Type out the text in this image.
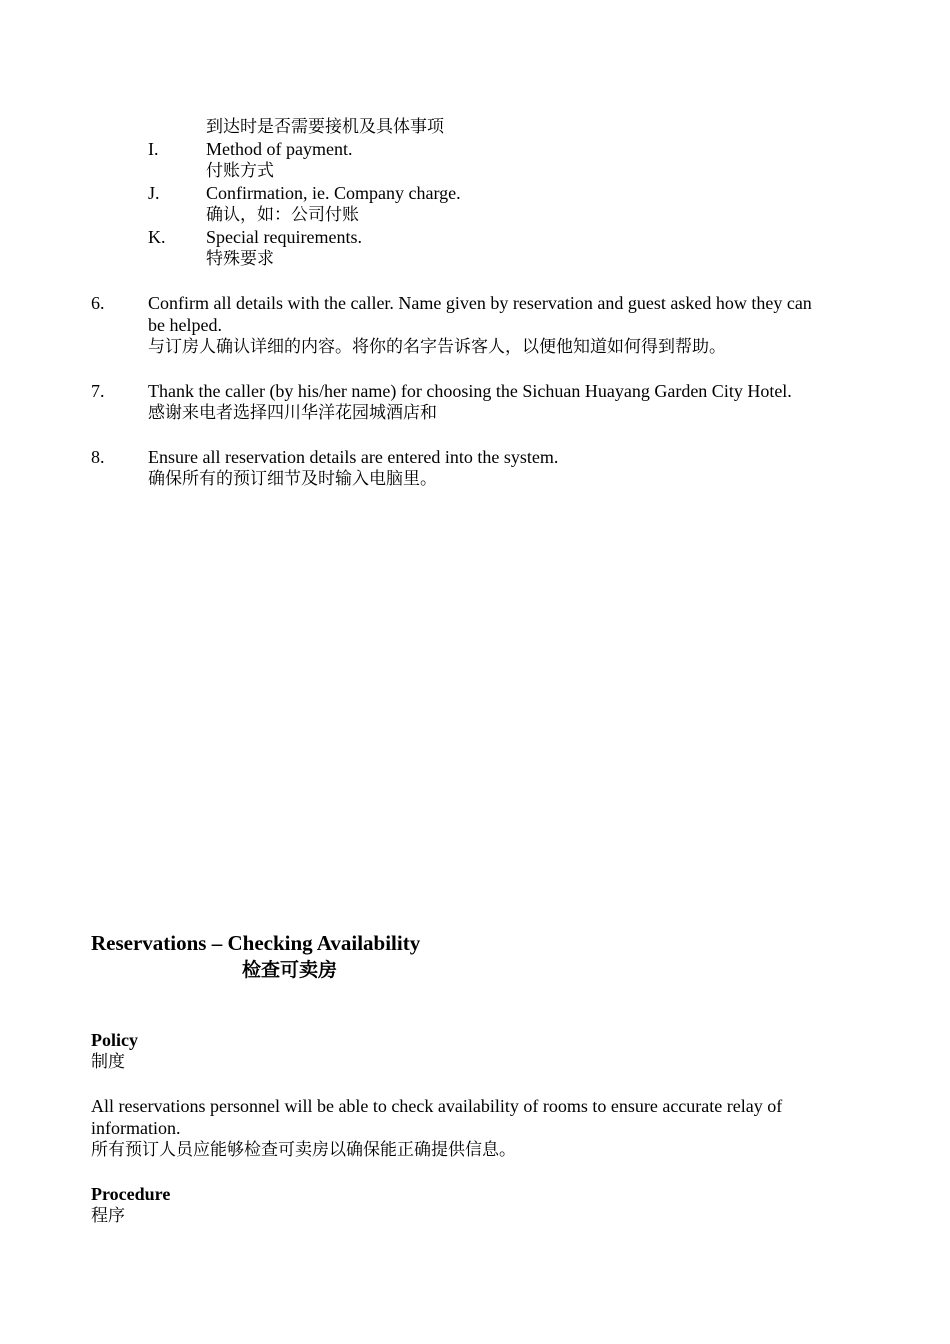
到达时是否需要接机及具体事项
I.	Method of payment.
付账方式
J.	Confirmation, ie. Company charge.
确认，如：公司付账
K. Special requirements.
特殊要求
6. Confirm all details with the caller. Name given by reservation and guest asked how they can
be helped.
与订房人确认详细的内容。将你的名字告诉客人，以便他知道如何得到帮助。
7. Thank the caller (by his/her name) for choosing the Sichuan Huayang Garden City Hotel.
感谢来电者选择四川华洋花园城酒店和
8. Ensure all reservation details are entered into the system.
确保所有的预订细节及时输入电脑里。
Reservations – Checking Availability
检查可卖房
Policy
制度
All reservations personnel will be able to check availability of rooms to ensure accurate relay of
information.
所有预订人员应能够检查可卖房以确保能正确提供信息。
Procedure
程序
